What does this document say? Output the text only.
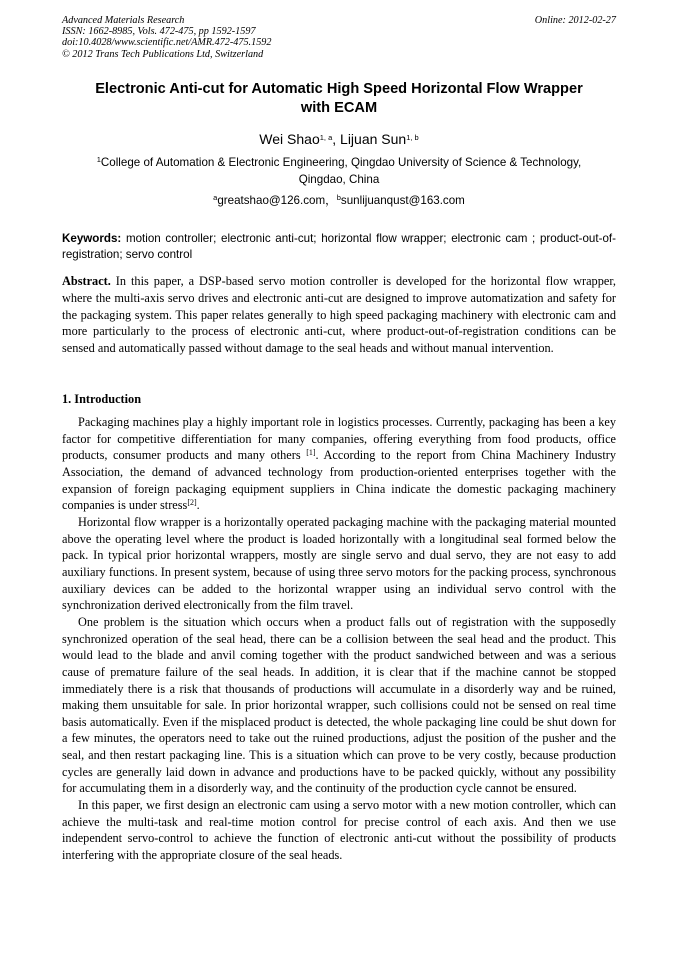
Advanced Materials Research
ISSN: 1662-8985, Vols. 472-475, pp 1592-1597
doi:10.4028/www.scientific.net/AMR.472-475.1592
© 2012 Trans Tech Publications Ltd, Switzerland
Online: 2012-02-27
Electronic Anti-cut for Automatic High Speed Horizontal Flow Wrapper
with ECAM
Wei Shao$^{1, a}$, Lijuan Sun$^{1, b}$
$^1$College of Automation & Electronic Engineering, Qingdao University of Science & Technology,
Qingdao, China
$^a$greatshao@126.com，$^b$sunlijuanqust@163.com
Keywords: motion controller; electronic anti-cut; horizontal flow wrapper; electronic cam ; product-out-of-registration; servo control
Abstract. In this paper, a DSP-based servo motion controller is developed for the horizontal flow wrapper, where the multi-axis servo drives and electronic anti-cut are designed to improve automatization and safety for the packaging system. This paper relates generally to high speed packaging machinery with electronic cam and more particularly to the process of electronic anti-cut, where product-out-of-registration conditions can be sensed and automatically passed without damage to the seal heads and without manual intervention.
1. Introduction

Packaging machines play a highly important role in logistics processes. Currently, packaging has been a key factor for competitive differentiation for many companies, offering everything from food products, office products, consumer products and many others [1]. According to the report from China Machinery Industry Association, the demand of advanced technology from production-oriented enterprises together with the expansion of foreign packaging equipment suppliers in China indicate the domestic packaging machinery companies is under stress[2].

Horizontal flow wrapper is a horizontally operated packaging machine with the packaging material mounted above the operating level where the product is loaded horizontally with a longitudinal seal formed below the pack. In typical prior horizontal wrappers, mostly are single servo and dual servo, they are not easy to add auxiliary functions. In present system, because of using three servo motors for the packing process, synchronous auxiliary devices can be added to the horizontal wrapper using an individual servo control with the synchronization derived electronically from the film travel.

One problem is the situation which occurs when a product falls out of registration with the supposedly synchronized operation of the seal head, there can be a collision between the seal head and the product. This would lead to the blade and anvil coming together with the product sandwiched between and was a serious cause of premature failure of the seal heads. In addition, it is clear that if the machine cannot be stopped immediately there is a risk that thousands of productions will accumulate in a disorderly way and be ruined, making them unsuitable for sale. In prior horizontal wrapper, such collisions could not be sensed on real time basis automatically. Even if the misplaced product is detected, the whole packaging line could be shut down for a few minutes, the operators need to take out the ruined productions, adjust the position of the pusher and the seal, and then restart packaging line. This is a situation which can prove to be very costly, because production cycles are generally laid down in advance and productions have to be packed quickly, without any possibility for accumulating them in a disorderly way, and the continuity of the production cycle cannot be ensured.

In this paper, we first design an electronic cam using a servo motor with a new motion controller, which can achieve the multi-task and real-time motion control for precise control of each axis. And then we use independent servo-control to achieve the function of electronic anti-cut without the possibility of products interfering with the appropriate closure of the seal heads.
